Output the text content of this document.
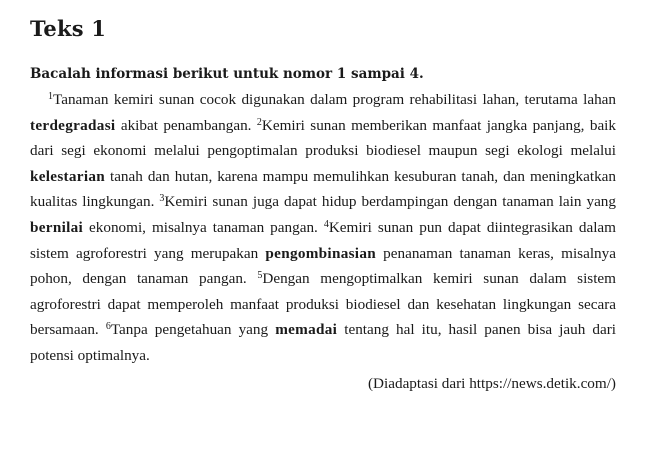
Teks 1

Bacalah informasi berikut untuk nomor 1 sampai 4.

$^1$Tanaman kemiri sunan cocok digunakan dalam program rehabilitasi lahan, terutama lahan terdegradasi akibat penambangan. $^2$Kemiri sunan memberikan manfaat jangka panjang, baik dari segi ekonomi melalui pengoptimalan produksi biodiesel maupun segi ekologi melalui kelestarian tanah dan hutan, karena mampu memulihkan kesuburan tanah, dan meningkatkan kualitas lingkungan. $^3$Kemiri sunan juga dapat hidup berdampingan dengan tanaman lain yang bernilai ekonomi, misalnya tanaman pangan. $^4$Kemiri sunan pun dapat diintegrasikan dalam sistem agroforestri yang merupakan pengombinasian penanaman tanaman keras, misalnya pohon, dengan tanaman pangan. $^5$Dengan mengoptimalkan kemiri sunan dalam sistem agroforestri dapat memperoleh manfaat produksi biodiesel dan kesehatan lingkungan secara bersamaan. $^6$Tanpa pengetahuan yang memadai tentang hal itu, hasil panen bisa jauh dari potensi optimalnya.

(Diadaptasi dari https://news.detik.com/)
